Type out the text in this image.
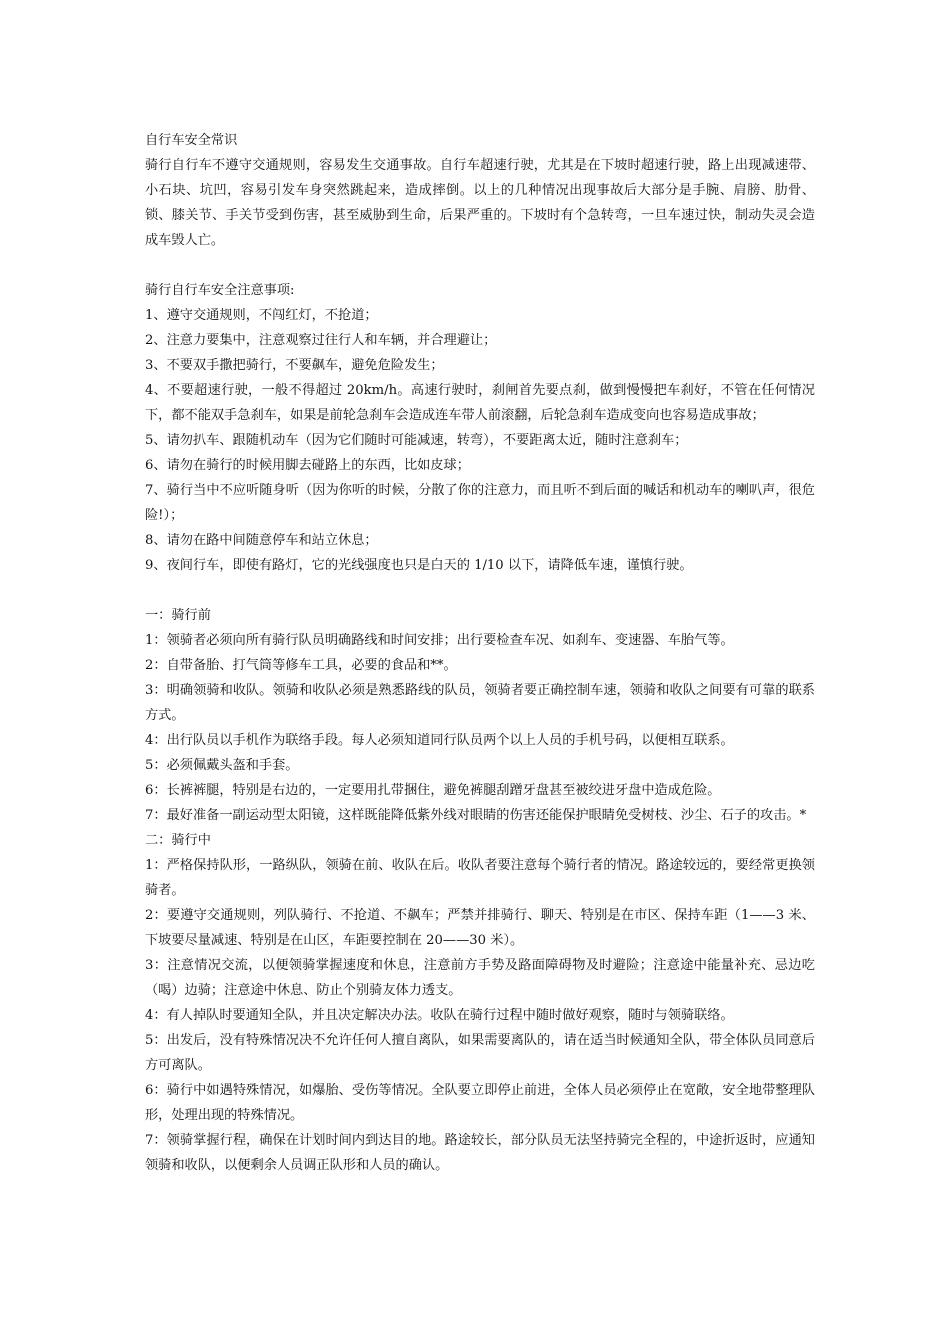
自行车安全常识

骑行自行车不遵守交通规则，容易发生交通事故。自行车超速行驶，尤其是在下坡时超速行驶，路上出现减速带、小石块、坑凹，容易引发车身突然跳起来，造成摔倒。以上的几种情况出现事故后大部分是手腕、肩膀、肋骨、锁、膝关节、手关节受到伤害，甚至威胁到生命，后果严重的。下坡时有个急转弯，一旦车速过快，制动失灵会造成车毁人亡。

骑行自行车安全注意事项:

1、遵守交通规则，不闯红灯，不抢道；

2、注意力要集中，注意观察过往行人和车辆，并合理避让；

3、不要双手撒把骑行，不要飙车，避免危险发生；

4、不要超速行驶，一般不得超过 20km/h。高速行驶时，刹闸首先要点刹，做到慢慢把车刹好，不管在任何情况下，都不能双手急刹车，如果是前轮急刹车会造成连车带人前滚翻，后轮急刹车造成变向也容易造成事故；

5、请勿扒车、跟随机动车（因为它们随时可能减速，转弯），不要距离太近，随时注意刹车；

6、请勿在骑行的时候用脚去碰路上的东西，比如皮球；

7、骑行当中不应听随身听（因为你听的时候，分散了你的注意力，而且听不到后面的喊话和机动车的喇叭声，很危险!）；

8、请勿在路中间随意停车和站立休息；

9、夜间行车，即使有路灯，它的光线强度也只是白天的 1/10 以下，请降低车速，谨慎行驶。

一：骑行前

1：领骑者必须向所有骑行队员明确路线和时间安排；出行要检查车况、如刹车、变速器、车胎气等。

2：自带备胎、打气筒等修车工具，必要的食品和**。

3：明确领骑和收队。领骑和收队必须是熟悉路线的队员，领骑者要正确控制车速，领骑和收队之间要有可靠的联系方式。

4：出行队员以手机作为联络手段。每人必须知道同行队员两个以上人员的手机号码，以便相互联系。

5：必须佩戴头盔和手套。

6：长裤裤腿，特别是右边的，一定要用扎带捆住，避免裤腿刮蹭牙盘甚至被绞进牙盘中造成危险。

7：最好准备一副运动型太阳镜，这样既能降低紫外线对眼睛的伤害还能保护眼睛免受树枝、沙尘、石子的攻击。*

二：骑行中

1：严格保持队形，一路纵队，领骑在前、收队在后。收队者要注意每个骑行者的情况。路途较远的，要经常更换领骑者。

2：要遵守交通规则，列队骑行、不抢道、不飙车；严禁并排骑行、聊天、特别是在市区、保持车距（1——3 米、下坡要尽量减速、特别是在山区，车距要控制在 20——30 米）。

3：注意情况交流，以便领骑掌握速度和休息，注意前方手势及路面障碍物及时避险；注意途中能量补充、忌边吃（喝）边骑；注意途中休息、防止个别骑友体力透支。

4：有人掉队时要通知全队，并且决定解决办法。收队在骑行过程中随时做好观察，随时与领骑联络。

5：出发后，没有特殊情况决不允许任何人擅自离队，如果需要离队的，请在适当时候通知全队，带全体队员同意后方可离队。

6：骑行中如遇特殊情况，如爆胎、受伤等情况。全队要立即停止前进，全体人员必须停止在宽敞，安全地带整理队形，处理出现的特殊情况。

7：领骑掌握行程，确保在计划时间内到达目的地。路途较长，部分队员无法坚持骑完全程的，中途折返时，应通知领骑和收队，以便剩余人员调正队形和人员的确认。
